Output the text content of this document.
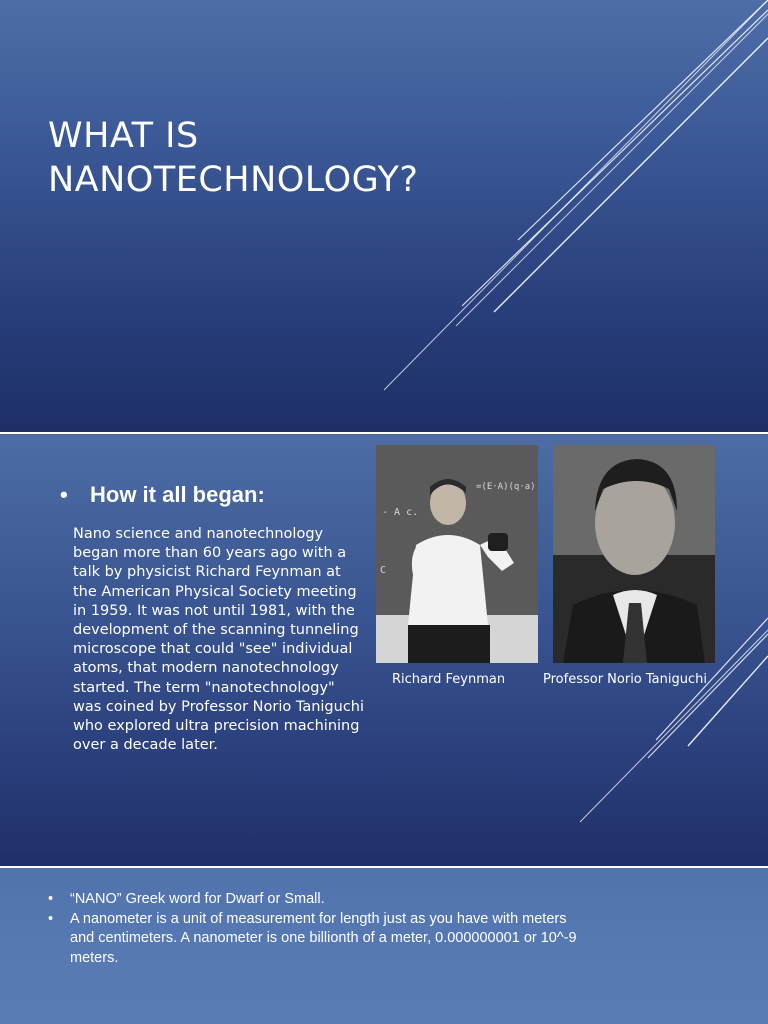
WHAT IS
NANOTECHNOLOGY?
• How it all began:

Nano science and nanotechnology began more than 60 years ago with a talk by physicist Richard Feynman at the American Physical Society meeting in 1959. It was not until 1981, with the development of the scanning tunneling microscope that could "see" individual atoms, that modern nanotechnology started. The term "nanotechnology" was coined by Professor Norio Taniguchi who explored ultra precision machining over a decade later.

=(E·A)(q·a)
- A c.
C
Richard Feynman	Professor Norio Taniguchi
• “NANO” Greek word for Dwarf or Small.
• A nanometer is a unit of measurement for length just as you have with meters and centimeters. A nanometer is one billionth of a meter, 0.000000001 or 10^-9 meters.
